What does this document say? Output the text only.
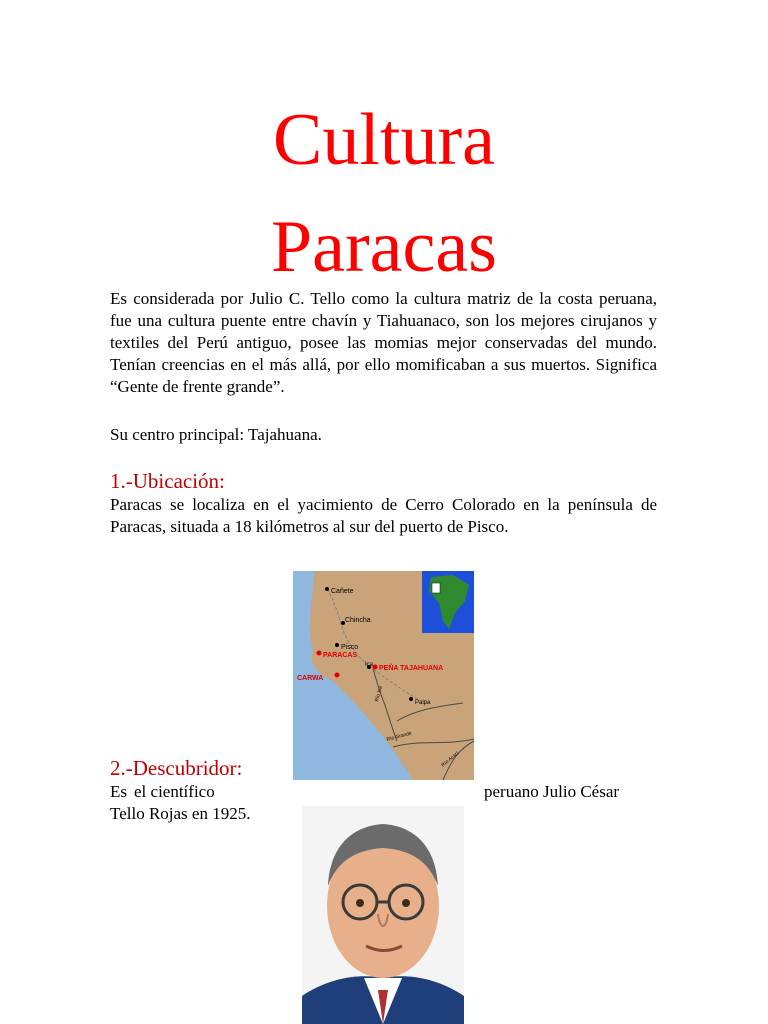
Cultura
Paracas

Es considerada por Julio C. Tello como la cultura matriz de la costa peruana, fue una cultura puente entre chavín y Tiahuanaco, son los mejores cirujanos y textiles del Perú antiguo, posee las momias mejor conservadas del mundo. Tenían creencias en el más allá, por ello momificaban a sus muertos. Significa “Gente de frente grande”.

Su centro principal: Tajahuana.
1.-Ubicación:

Paracas se localiza en el yacimiento de Cerro Colorado en la península de Paracas, situada a 18 kilómetros al sur del puerto de Pisco.

Cañete
Chincha
Pisco
PARACAS
Ica PEÑA TAJAHUANA
CARWA
Palpa
Río Ica
Río Grande
Río Acarí
2.-Descubridor:
Es el científico	peruano Julio César
Tello Rojas en 1925.
